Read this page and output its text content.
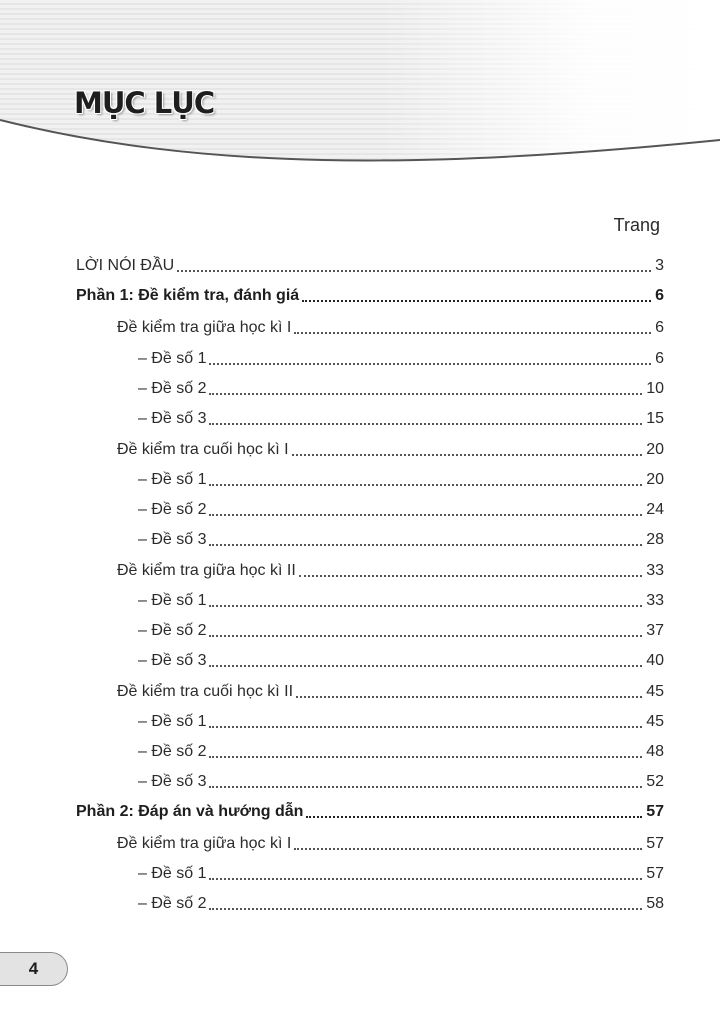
MỤC LỤC
Trang
LỜI NÓI ĐẦU	3
Phần 1: Đề kiểm tra, đánh giá	6
Đề kiểm tra giữa học kì I	6
– Đề số 1	6
– Đề số 2	10
– Đề số 3	15
Đề kiểm tra cuối học kì I	20
– Đề số 1	20
– Đề số 2	24
– Đề số 3	28
Đề kiểm tra giữa học kì II	33
– Đề số 1	33
– Đề số 2	37
– Đề số 3	40
Đề kiểm tra cuối học kì II	45
– Đề số 1	45
– Đề số 2	48
– Đề số 3	52
Phần 2: Đáp án và hướng dẫn	57
Đề kiểm tra giữa học kì I	57
– Đề số 1	57
– Đề số 2	58
4
